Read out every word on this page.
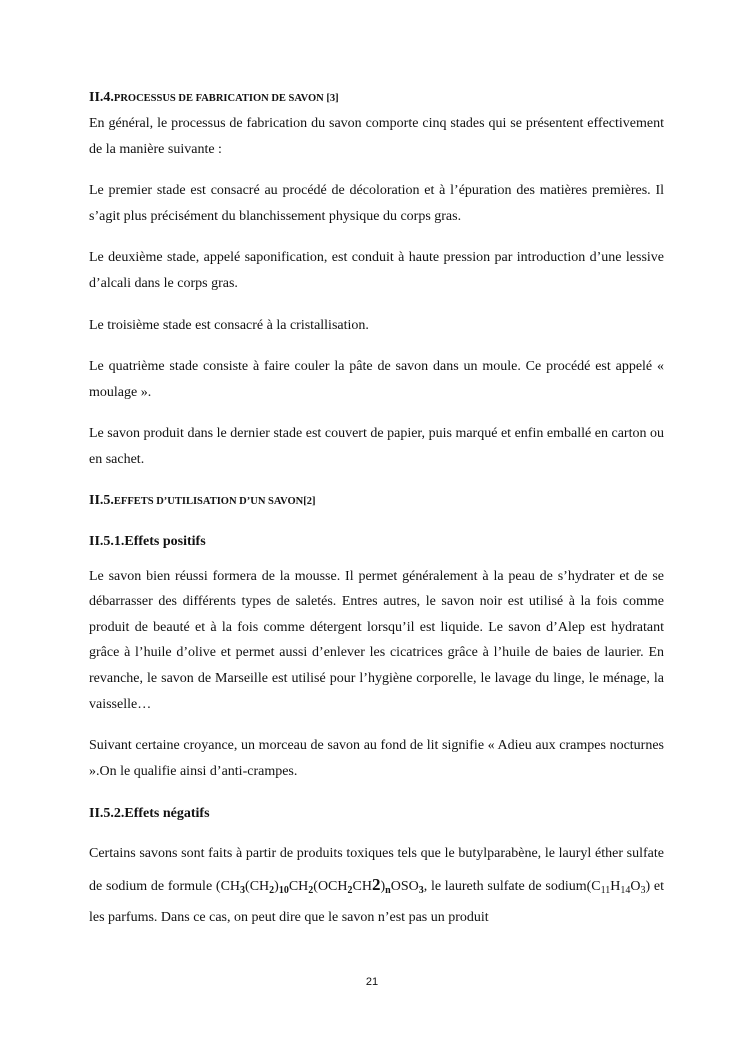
II.4.PROCESSUS DE FABRICATION DE SAVON [3]

En général, le processus de fabrication du savon comporte cinq stades qui se présentent effectivement de la manière suivante :

Le premier stade est consacré au procédé de décoloration et à l’épuration des matières premières. Il s’agit plus précisément du blanchissement physique du corps gras.

Le deuxième stade, appelé saponification, est conduit à haute pression par introduction d’une lessive d’alcali dans le corps gras.

Le troisième stade est consacré à la cristallisation.

Le quatrième stade consiste à faire couler la pâte de savon dans un moule. Ce procédé est appelé « moulage ».

Le savon produit dans le dernier stade est couvert de papier, puis marqué et enfin emballé en carton ou en sachet.

II.5.EFFETS D’UTILISATION D’UN SAVON[2]

II.5.1.Effets positifs

Le savon bien réussi formera de la mousse. Il permet généralement à la peau de s’hydrater et de se débarrasser des différents types de saletés. Entres autres, le savon noir est utilisé à la fois comme produit de beauté et à la fois comme détergent lorsqu’il est liquide. Le savon d’Alep est hydratant grâce à l’huile d’olive et permet aussi d’enlever les cicatrices grâce à l’huile de baies de laurier. En revanche, le savon de Marseille est utilisé pour l’hygiène corporelle, le lavage du linge, le ménage, la vaisselle…

Suivant certaine croyance, un morceau de savon au fond de lit signifie « Adieu aux crampes nocturnes ».On le qualifie ainsi d’anti-crampes.

II.5.2.Effets négatifs

Certains savons sont faits à partir de produits toxiques tels que le butylparabène, le lauryl éther sulfate de sodium de formule ($CH_3(CH_2)_{10}CH_2(OCH_2CH2)_nOSO_3$, le laureth sulfate de $sodium(C_{11}H_{14}O_3)$ et les parfums. Dans ce cas, on peut dire que le savon n’est pas un produit

21
